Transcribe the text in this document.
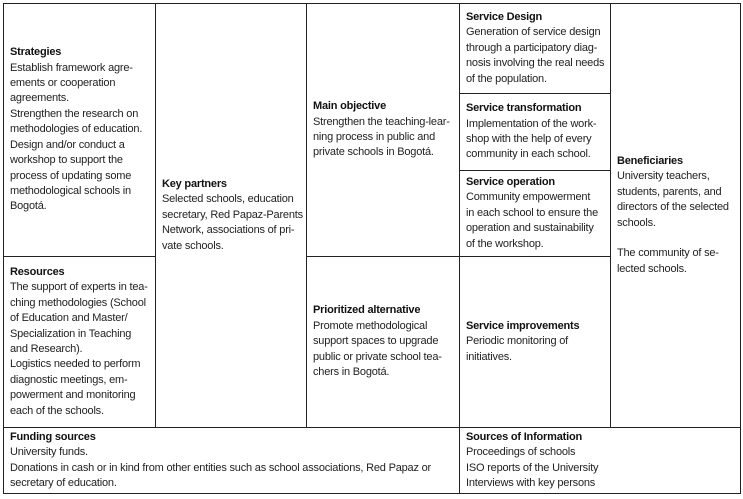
Strategies
Establish framework agre-
ements or cooperation
agreements.
Strengthen the research on
methodologies of education.
Design and/or conduct a
workshop to support the
process of updating some
methodological schools in
Bogotá.
Resources
The support of experts in tea-
ching methodologies (School
of Education and Master/
Specialization in Teaching
and Research).
Logistics needed to perform
diagnostic meetings, em-
powerment and monitoring
each of the schools.
Key partners
Selected schools, education
secretary, Red Papaz-Parents
Network, associations of pri-
vate schools.
Main objective
Strengthen the teaching-lear-
ning process in public and
private schools in Bogotá.
Prioritized alternative
Promote methodological
support spaces to upgrade
public or private school tea-
chers in Bogotá.
Service Design
Generation of service design
through a participatory diag-
nosis involving the real needs
of the population.
Service transformation
Implementation of the work-
shop with the help of every
community in each school.
Service operation
Community empowerment
in each school to ensure the
operation and sustainability
of the workshop.
Service improvements
Periodic monitoring of
initiatives.
Beneficiaries
University teachers,
students, parents, and
directors of the selected
schools.
The community of se-
lected schools.
Funding sources
University funds.
Donations in cash or in kind from other entities such as school associations, Red Papaz or
secretary of education.
Sources of Information
Proceedings of schools
ISO reports of the University
Interviews with key persons
